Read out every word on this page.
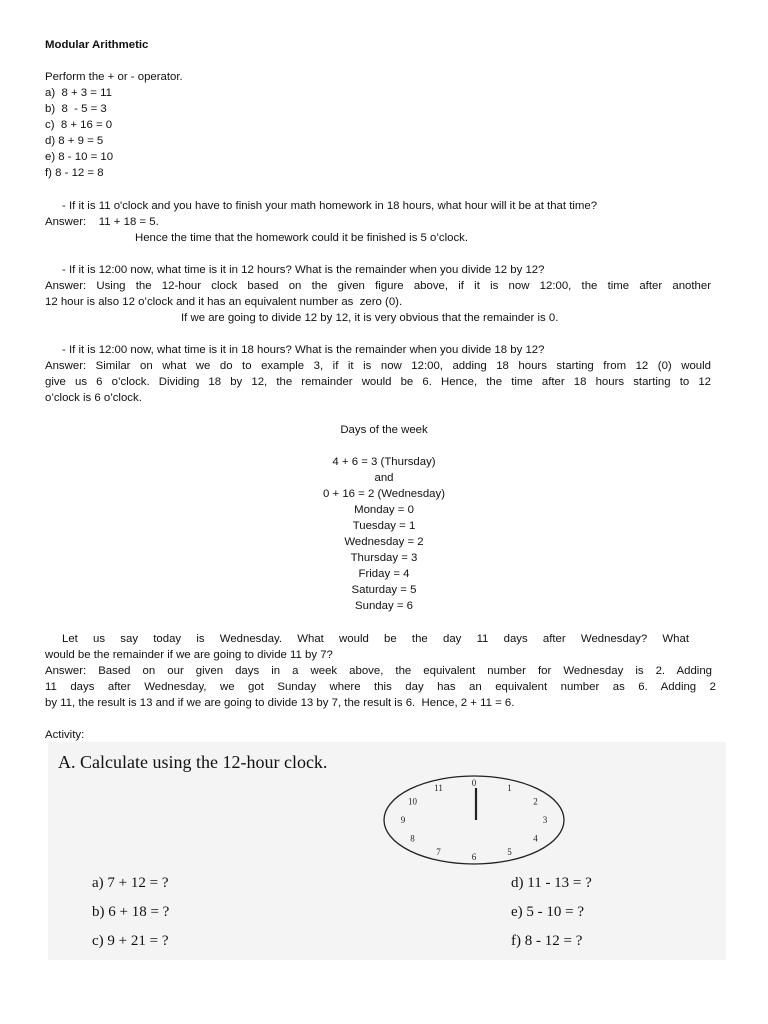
Modular Arithmetic
Perform the + or - operator.
a)  8 + 3 = 11
b)  8  - 5 = 3
c)  8 + 16 = 0
d) 8 + 9 = 5
e) 8 - 10 = 10
f) 8 - 12 = 8
- If it is 11 o'clock and you have to finish your math homework in 18 hours, what hour will it be at that time?
Answer:    11 + 18 = 5.
Hence the time that the homework could it be finished is 5 o’clock.
- If it is 12:00 now, what time is it in 12 hours? What is the remainder when you divide 12 by 12?
Answer: Using the 12-hour clock based on the given figure above, if it is now 12:00, the time after another
12 hour is also 12 o’clock and it has an equivalent number as  zero (0).
If we are going to divide 12 by 12, it is very obvious that the remainder is 0.
- If it is 12:00 now, what time is it in 18 hours? What is the remainder when you divide 18 by 12?
Answer: Similar on what we do to example 3, if it is now 12:00, adding 18 hours starting from 12 (0) would
give us 6 o’clock. Dividing 18 by 12, the remainder would be 6. Hence, the time after 18 hours starting to 12
o’clock is 6 o’clock.
Days of the week
4 + 6 = 3 (Thursday)
and
0 + 16 = 2 (Wednesday)
Monday = 0
Tuesday = 1
Wednesday = 2
Thursday = 3
Friday = 4
Saturday = 5
Sunday = 6
Let us say today is Wednesday. What would be the day 11 days after Wednesday? What
would be the remainder if we are going to divide 11 by 7?
Answer: Based on our given days in a week above, the equivalent number for Wednesday is 2. Adding
11 days after Wednesday, we got Sunday where this day has an equivalent number as 6. Adding 2
by 11, the result is 13 and if we are going to divide 13 by 7, the result is 6.  Hence, 2 + 11 = 6.
Activity:
A. Calculate using the 12-hour clock.
0	1
2
3
4
5
6
7
8
9
10
11
a) 7 + 12 = ?
b) 6 + 18 = ?
c) 9 + 21 = ?
d) 11 - 13 = ?
e) 5 - 10 = ?
f) 8 - 12 = ?
